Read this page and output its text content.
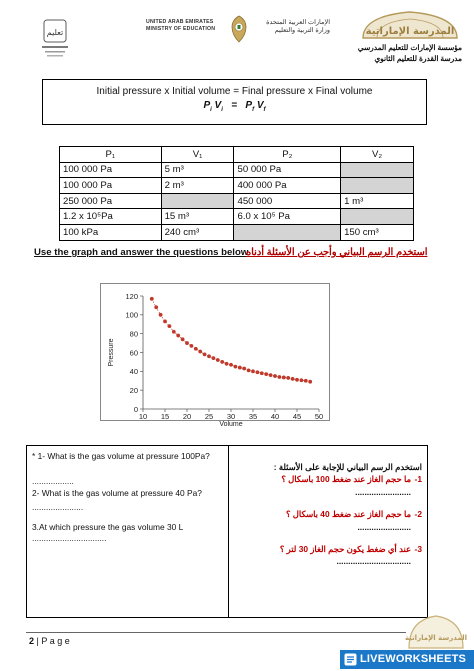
تعليم
UNITED ARAB EMIRATES
MINISTRY OF EDUCATION
الإمارات العربية المتحدة
وزارة التربية والتعليم	المدرسة الإماراتية
مؤسسة الإمارات للتعليم المدرسي
مدرسة القدرة للتعليم الثانوي
Initial pressure x Initial volume = Final pressure x Final volume
$P_i$ $V_i = P_f$ $V_f$
P₁	V₁	P₂	V₂
100 000 Pa	5 m³	50 000 Pa	
100 000 Pa	2 m³	400 000 Pa	
250 000 Pa		450 000	1 m³
1.2 x 10⁵Pa	15 m³	6.0 x 10⁵ Pa	
100 kPa	240 cm³		150 cm³
Use the graph and answer the questions below
استخدم الرسم البياني وأجب عن الأسئلة أدناه
0
20
40
60
80
100
120
10 15 20 25 30 35 40 45 50
Volume
Pressure
* 1- What is the gas volume at pressure 100Pa?
..................
2- What is the gas volume at pressure 40 Pa?
......................
3.At which pressure the gas volume 30 L
................................
استخدم الرسم البياني للإجابة على الأسئلة :
ما حجم الغاز عند ضغط 100 باسكال ؟ 1-
........................
ما حجم الغاز عند ضغط 40 باسكال ؟ 2-
.......................
عند أي ضغط يكون حجم الغاز 30 لتر ؟ 3-
................................
2 | P a g e	المدرسة الإماراتية
LIVEWORKSHEETS
